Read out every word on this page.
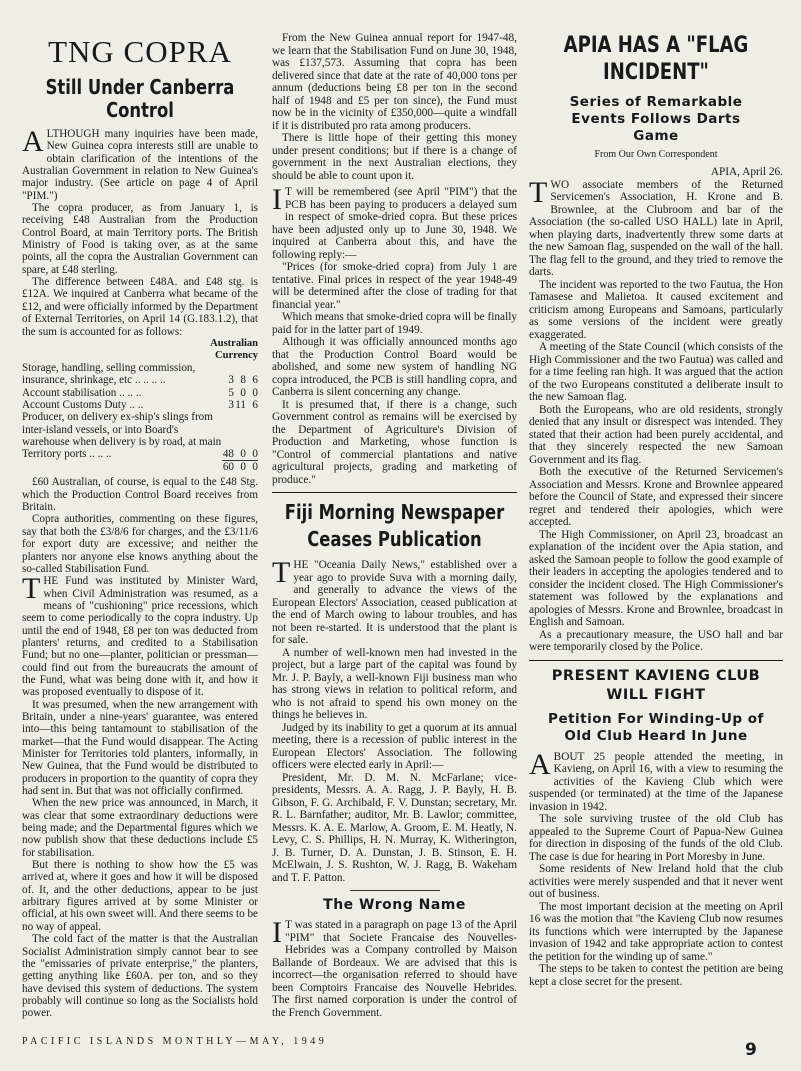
TNG COPRA
Still Under Canberra Control

ALTHOUGH many inquiries have been made, New Guinea copra interests still are unable to obtain clarification of the intentions of the Australian Government in relation to New Guinea's major industry. (See article on page 4 of April "PIM.")

The copra producer, as from January 1, is receiving £48 Australian from the Production Control Board, at main Territory ports. The British Ministry of Food is taking over, as at the same points, all the copra the Australian Government can spare, at £48 sterling.

The difference between £48A. and £48 stg. is £12A. We inquired at Canberra what became of the £12, and were officially informed by the Department of External Territories, on April 14 (G.183.1.2), that the sum is accounted for as follows:

Australian Currency
Storage, handling, selling commission, insurance, shrinkage, etc .. .. .. ..	3	8	6
Account stabilisation .. .. ..	5	0	0
Account Customs Duty .. ..	3	11	6
Producer, on delivery ex-ship's slings from inter-island vessels, or into Board's warehouse when delivery is by road, at main Territory ports .. .. ..	48	0	0
	60	0	0

£60 Australian, of course, is equal to the £48 Stg. which the Production Control Board receives from Britain.

Copra authorities, commenting on these figures, say that both the £3/8/6 for charges, and the £3/11/6 for export duty are excessive; and neither the planters nor anyone else knows anything about the so-called Stabilisation Fund.

THE Fund was instituted by Minister Ward, when Civil Administration was resumed, as a means of "cushioning" price recessions, which seem to come periodically to the copra industry. Up until the end of 1948, £8 per ton was deducted from planters' returns, and credited to a Stabilisation Fund; but no one—planter, politician or pressman—could find out from the bureaucrats the amount of the Fund, what was being done with it, and how it was proposed eventually to dispose of it.

It was presumed, when the new arrangement with Britain, under a nine-years' guarantee, was entered into—this being tantamount to stabilisation of the market—that the Fund would disappear. The Acting Minister for Territories told planters, informally, in New Guinea, that the Fund would be distributed to producers in proportion to the quantity of copra they had sent in. But that was not officially confirmed.

When the new price was announced, in March, it was clear that some extraordinary deductions were being made; and the Departmental figures which we now publish show that these deductions include £5 for stabilisation.

But there is nothing to show how the £5 was arrived at, where it goes and how it will be disposed of. It, and the other deductions, appear to be just arbitrary figures arrived at by some Minister or official, at his own sweet will. And there seems to be no way of appeal.

The cold fact of the matter is that the Australian Socialist Administration simply cannot bear to see the "emissaries of private enterprise," the planters, getting anything like £60A. per ton, and so they have devised this system of deductions. The system probably will continue so long as the Socialists hold power.

From the New Guinea annual report for 1947-48, we learn that the Stabilisation Fund on June 30, 1948, was £137,573. Assuming that copra has been delivered since that date at the rate of 40,000 tons per annum (deductions being £8 per ton in the second half of 1948 and £5 per ton since), the Fund must now be in the vicinity of £350,000—quite a windfall if it is distributed pro rata among producers.

There is little hope of their getting this money under present conditions; but if there is a change of government in the next Australian elections, they should be able to count upon it.

I T will be remembered (see April "PIM") that the PCB has been paying to producers a delayed sum in respect of smoke-dried copra. But these prices have been adjusted only up to June 30, 1948. We inquired at Canberra about this, and have the following reply:—

"Prices (for smoke-dried copra) from July 1 are tentative. Final prices in respect of the year 1948-49 will be determined after the close of trading for that financial year."

Which means that smoke-dried copra will be finally paid for in the latter part of 1949.

Although it was officially announced months ago that the Production Control Board would be abolished, and some new system of handling NG copra introduced, the PCB is still handling copra, and Canberra is silent concerning any change.

It is presumed that, if there is a change, such Government control as remains will be exercised by the Department of Agriculture's Division of Production and Marketing, whose function is "Control of commercial plantations and native agricultural projects, grading and marketing of produce."

Fiji Morning Newspaper Ceases Publication

THE "Oceania Daily News," established over a year ago to provide Suva with a morning daily, and generally to advance the views of the European Electors' Association, ceased publication at the end of March owing to labour troubles, and has not been re-started. It is understood that the plant is for sale.

A number of well-known men had invested in the project, but a large part of the capital was found by Mr. J. P. Bayly, a well-known Fiji business man who has strong views in relation to political reform, and who is not afraid to spend his own money on the things he believes in.

Judged by its inability to get a quorum at its annual meeting, there is a recession of public interest in the European Electors' Association. The following officers were elected early in April:—

President, Mr. D. M. N. McFarlane; vice-presidents, Messrs. A. A. Ragg, J. P. Bayly, H. B. Gibson, F. G. Archibald, F. V. Dunstan; secretary, Mr. R. L. Barnfather; auditor, Mr. B. Lawlor; committee, Messrs. K. A. E. Marlow, A. Groom, E. M. Heatly, N. Levy, C. S. Phillips, H. N. Murray, K. Witherington, J. B. Turner, D. A. Dunstan, J. B. Stinson, E. H. McElwain, J. S. Rushton, W. J. Ragg, B. Wakeham and T. F. Patton.

The Wrong Name

I T was stated in a paragraph on page 13 of the April "PIM" that Societe Francaise des Nouvelles-Hebrides was a Company controlled by Maison Ballande of Bordeaux. We are advised that this is incorrect—the organisation referred to should have been Comptoirs Francaise des Nouvelle Hebrides. The first named corporation is under the control of the French Government.

APIA HAS A "FLAG INCIDENT"
Series of Remarkable Events Follows Darts Game
From Our Own Correspondent
APIA, April 26.

TWO associate members of the Returned Servicemen's Association, H. Krone and B. Brownlee, at the Clubroom and bar of the Association (the so-called USO HALL) late in April, when playing darts, inadvertently threw some darts at the new Samoan flag, suspended on the wall of the hall. The flag fell to the ground, and they tried to remove the darts.

The incident was reported to the two Fautua, the Hon Tamasese and Malietoa. It caused excitement and criticism among Europeans and Samoans, particularly as some versions of the incident were greatly exaggerated.

A meeting of the State Council (which consists of the High Commissioner and the two Fautua) was called and for a time feeling ran high. It was argued that the action of the two Europeans constituted a deliberate insult to the new Samoan flag.

Both the Europeans, who are old residents, strongly denied that any insult or disrespect was intended. They stated that their action had been purely accidental, and that they sincerely respected the new Samoan Government and its flag.

Both the executive of the Returned Servicemen's Association and Messrs. Krone and Brownlee appeared before the Council of State, and expressed their sincere regret and tendered their apologies, which were accepted.

The High Commissioner, on April 23, broadcast an explanation of the incident over the Apia station, and asked the Samoan people to follow the good example of their leaders in accepting the apologies tendered and to consider the incident closed. The High Commissioner's statement was followed by the explanations and apologies of Messrs. Krone and Brownlee, broadcast in English and Samoan.

As a precautionary measure, the USO hall and bar were temporarily closed by the Police.

PRESENT KAVIENG CLUB WILL FIGHT
Petition For Winding-Up of Old Club Heard In June

ABOUT 25 people attended the meeting, in Kavieng, on April 16, with a view to resuming the activities of the Kavieng Club which were suspended (or terminated) at the time of the Japanese invasion in 1942.

The sole surviving trustee of the old Club has appealed to the Supreme Court of Papua-New Guinea for direction in disposing of the funds of the old Club. The case is due for hearing in Port Moresby in June.

Some residents of New Ireland hold that the club activities were merely suspended and that it never went out of business.

The most important decision at the meeting on April 16 was the motion that "the Kavieng Club now resumes its functions which were interrupted by the Japanese invasion of 1942 and take appropriate action to contest the petition for the winding up of same."

The steps to be taken to contest the petition are being kept a close secret for the present.

PACIFIC ISLANDS MONTHLY—MAY, 1949	9
